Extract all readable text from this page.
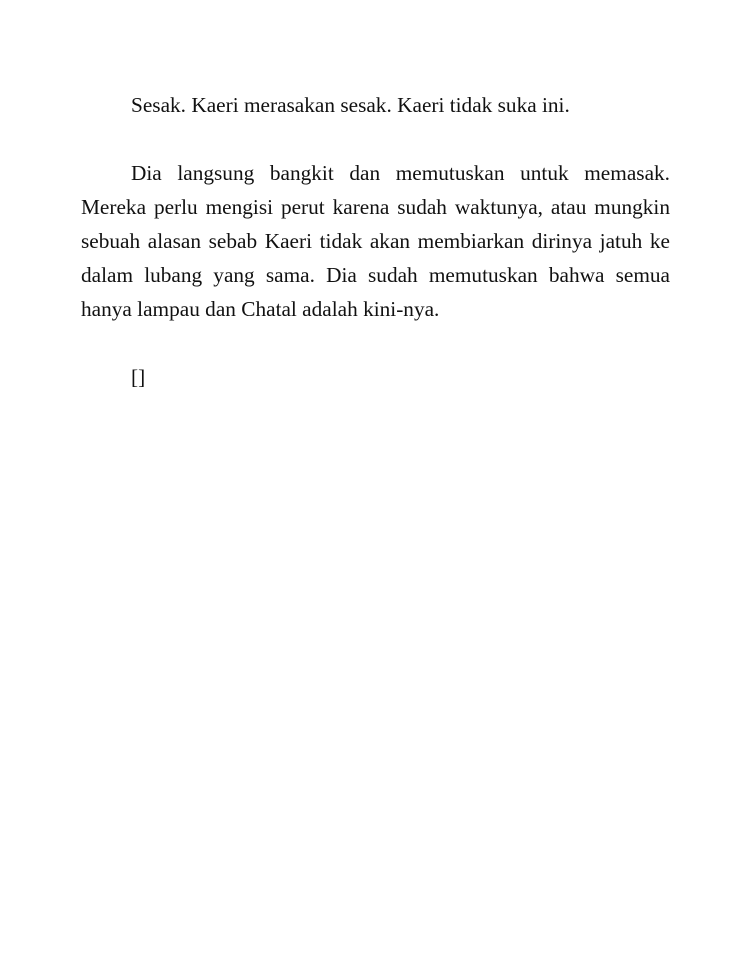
Sesak. Kaeri merasakan sesak. Kaeri tidak suka ini.

Dia langsung bangkit dan memutuskan untuk memasak. Mereka perlu mengisi perut karena sudah waktunya, atau mungkin sebuah alasan sebab Kaeri tidak akan membiarkan dirinya jatuh ke dalam lubang yang sama. Dia sudah memutuskan bahwa semua hanya lampau dan Chatal adalah kini-nya.

[]
